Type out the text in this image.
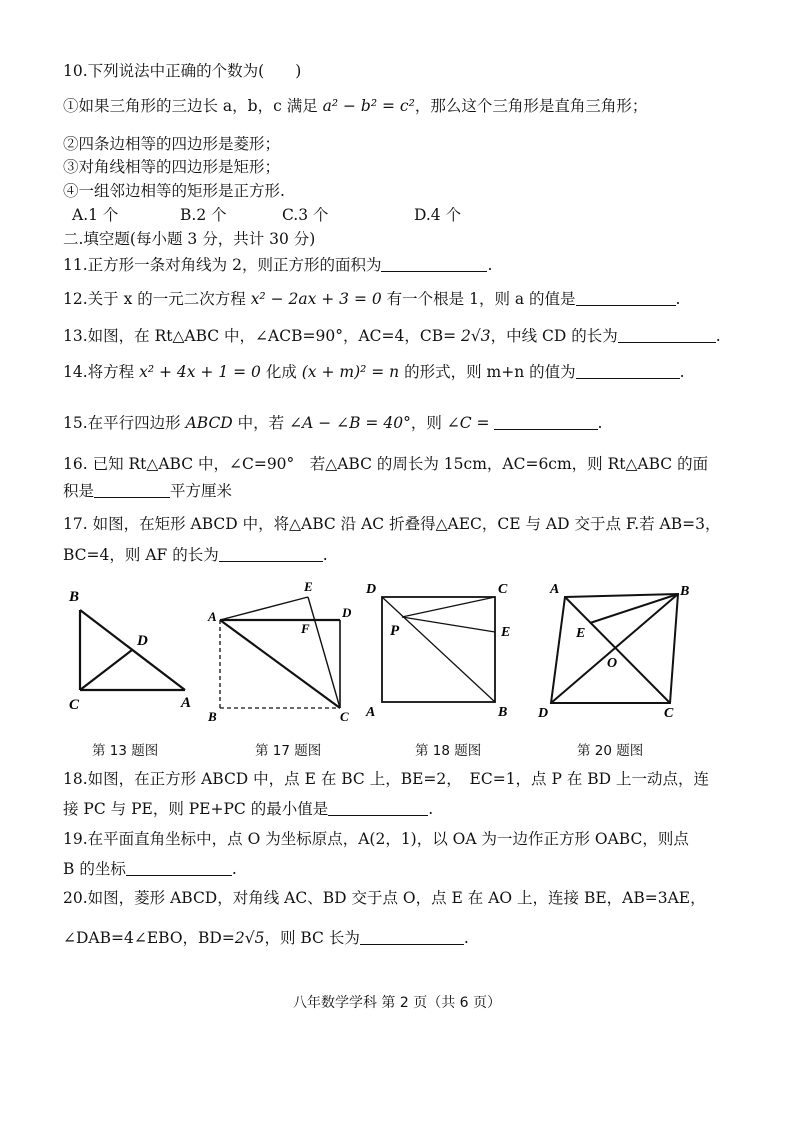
10.下列说法中正确的个数为(　　)
①如果三角形的三边长 a，b，c 满足 a² − b² = c²，那么这个三角形是直角三角形；
②四条边相等的四边形是菱形；
③对角线相等的四边形是矩形；
④一组邻边相等的矩形是正方形.
A.1 个	B.2 个	C.3 个	D.4 个
二.填空题(每小题 3 分，共计 30 分)
11.正方形一条对角线为 2，则正方形的面积为	.
12.关于 x 的一元二次方程 x² − 2ax + 3 = 0 有一个根是 1，则 a 的值是	.
13.如图，在 Rt△ABC 中，∠ACB=90°，AC=4，CB= 2√3，中线 CD 的长为	.
14.将方程 x² + 4x + 1 = 0 化成 (x + m)² = n 的形式，则 m+n 的值为	.
15.在平行四边形 ABCD 中，若 ∠A − ∠B = 40°，则 ∠C =	.
16. 已知 Rt△ABC 中，∠C=90°　若△ABC 的周长为 15cm，AC=6cm，则 Rt△ABC 的面
积是	平方厘米
17. 如图，在矩形 ABCD 中，将△ABC 沿 AC 折叠得△AEC，CE 与 AD 交于点 F.若 AB=3，
BC=4，则 AF 的长为	.
B
D
C	A
A
E
D
F
B	C
D	C
P	E
A	B
A	B
E
O
D	C
第 13 题图	第 17 题图	第 18 题图	第 20 题图
18.如图，在正方形 ABCD 中，点 E 在 BC 上，BE=2，　EC=1，点 P 在 BD 上一动点，连
接 PC 与 PE，则 PE+PC 的最小值是	.
19.在平面直角坐标中，点 O 为坐标原点，A(2，1)，以 OA 为一边作正方形 OABC，则点
B 的坐标	.
20.如图，菱形 ABCD，对角线 AC、BD 交于点 O，点 E 在 AO 上，连接 BE，AB=3AE，
∠DAB=4∠EBO，BD=2√5，则 BC 长为	.
八年数学学科 第 2 页（共 6 页）
